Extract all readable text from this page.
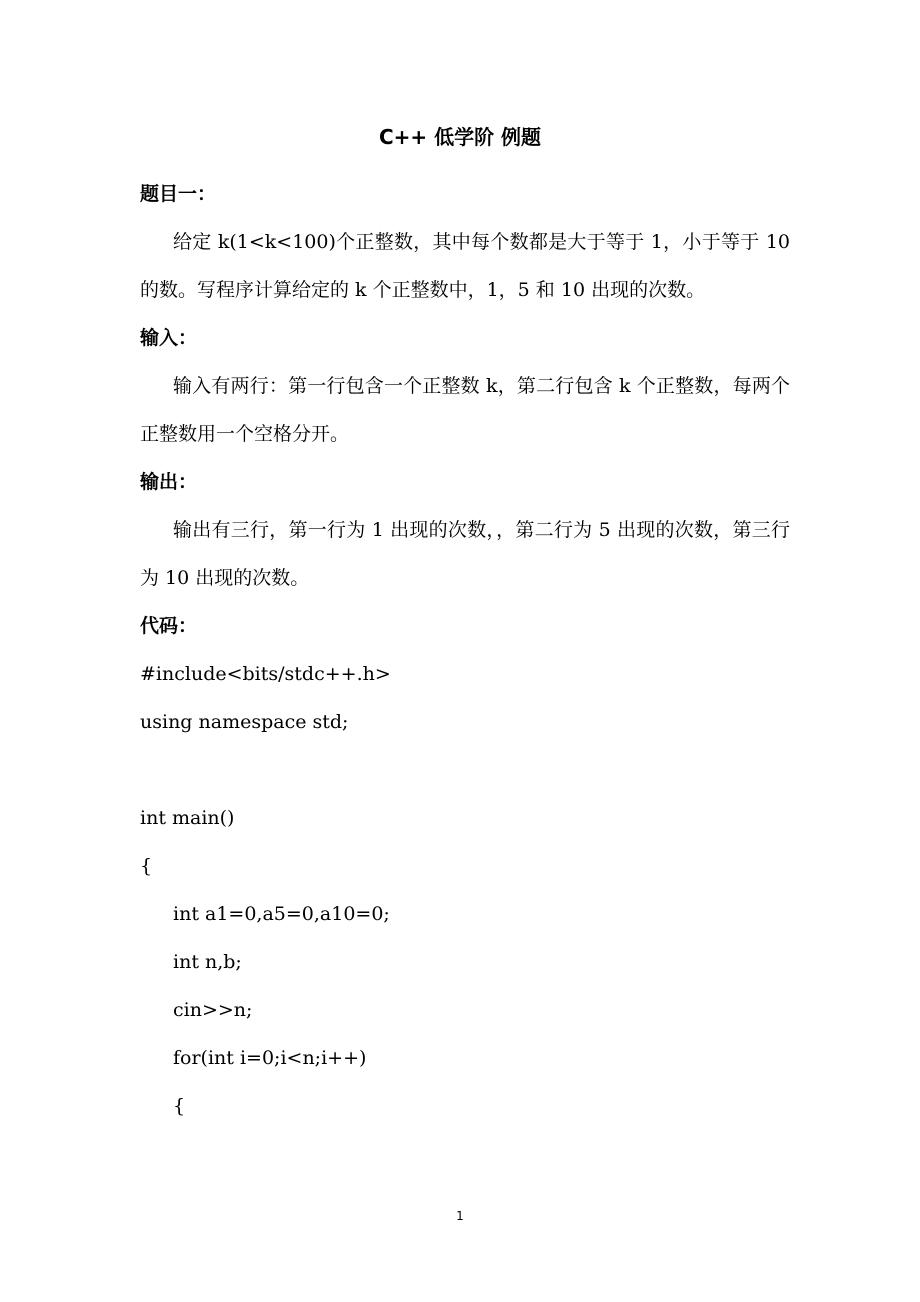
C++ 低学阶 例题
题目一：

给定 k(1<k<100)个正整数，其中每个数都是大于等于 1，小于等于 10 的数。写程序计算给定的 k 个正整数中，1，5 和 10 出现的次数。

输入：

输入有两行：第一行包含一个正整数 k，第二行包含 k 个正整数，每两个正整数用一个空格分开。

输出：

输出有三行，第一行为 1 出现的次数，，第二行为 5 出现的次数，第三行为 10 出现的次数。

代码：
#include<bits/stdc++.h>
using namespace std;
int main()
{
int a1=0,a5=0,a10=0;
int n,b;
cin>>n;
for(int i=0;i<n;i++)
{
1
